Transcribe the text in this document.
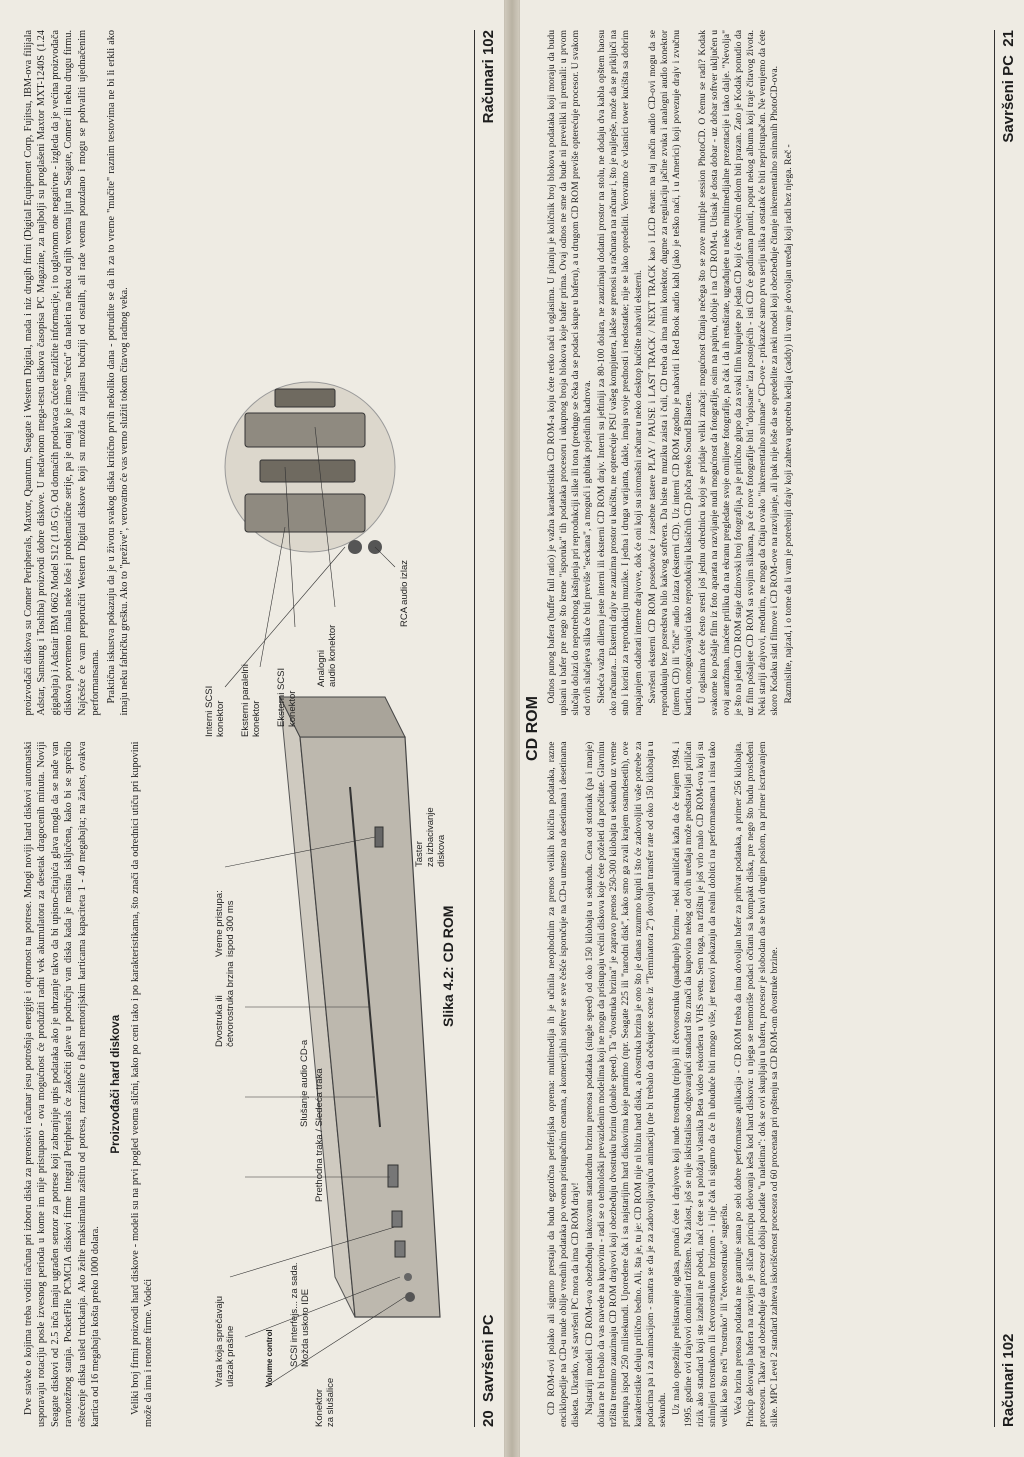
Dve stavke o kojima treba voditi računa pri izboru diska za prenosivi računar jesu potrošnja energije i otpornost na potrese. Mnogi noviji hard diskovi automatski usporavaju rotaciju posle izvesnog perioda u kome im nije pristupano - ova mogućnost će produžiti radni vek akumulatora za desetak dragocenih minuta. Noviji Seagate diskovi od 2.5 inča imaju ugrađen senzor za potrese koji zabranjuje upis podataka ako je ubrzanje takvo da bi upisno-čitajuća glava mogla da se nađe van ravnotežnog stanja. PocketFile PCMCIA diskovi firme Integral Peripherals će zakočiti glave u području van diska kada je mašina isključena, kako bi se sprečilo oštećenje diska usled truckanja. Ako želite maksimalnu zaštitu od potresa, razmislite o flash memorijskim karticama kapaciteta 1 - 40 megabajta; na žalost, ovakva kartica od 16 megabajta košta preko 1000 dolara.

Proizvođači hard diskova Veliki broj firmi proizvodi hard diskove - modeli su na prvi pogled veoma slični, kako po ceni tako i po karakteristikama, što znači da odrednici utiču pri kupovini može da ima i renome firme. Vodeći

proizvođači diskova su Conner Peripherals, Maxtor, Quantum, Seagate i Western Digital, mada i niz drugih firmi (Digital Equipment Corp, Fujitsu, IBM-ova filijala Adstar, Samsung i Toshiba) proizvodi dobre diskove. U nedavnom mega-testu diskova časopisa PC Magazine, za najbolji su proglašeni Maxtor MXT-1240S (1.24 gigabajta) i Adstair IBM 0662 Model S12 (1.05 G). Od domaćih prodavaca čućete različite informacije, i to uglavnom one negativne - izgleda da je većina proizvođača diskova povremeno imala neke loše i problematične serije, pa je onaj ko je imao "sreću" da naleti na neku od njih veoma ljut na Seagate, Conner ili neku drugu firmu. Najčešće će vam preporučiti Western Digital diskove koji su možda za nijansu bučniji od ostalih, ali rade veoma pouzdano i mogu se pohvaliti ujednačenim performansama. Praktična iskustva pokazuju da je u životu svakog diska kritično prvih nekoliko dana - potrudite se da ih za to vreme "mučite" raznim testovima ne bi li erkli ako imaju neku fabričku grešku. Ako to "prežive", verovatno će vas verno služiti tokom čitavog radnog veka.

Konektor
za slušalice
Volume control
Vrata koja sprečavaju
ulazak prašine	SCSI interfejs... za sada.
Možda uskoro IDE
Prethodna traka / Sledeća traka
Slušanje audio CD-a
Dvostruka ili
četvorostruka brzina
Vreme pristupa:
ispod 300 ms
Taster
za izbacivanje
diskova
Interni SCSI
konektor Eksterni paralelni
konektor Eksterni SCSI
konektor
Analogni
audio konektor
RCA audio izlaz
Slika 4.2: CD ROM
20  Savršeni PC
Računari 102
CD ROM

CD ROM-ovi polako ali sigurno prestaju da budu egzotična periferijska oprema: multimedija ih je učinila neophodnim za prenos velikih količina podataka, razne enciklopedije na CD-u nude obilje vrednih podataka po veoma pristupačnim cenama, a komercijalni softver se sve češće isporučuje na CD-u umesto na desetinama i desetinama disketa. Ukratko, vaš savršeni PC mora da ima CD ROM drajv! Najstariji modeli CD ROM-ova obezbeđuju takozvanu standardnu brzinu prenosa podataka (single speed) od oko 150 kilobajta u sekundu. Cena od stotinak (pa i manje) dolara ne bi trebalo da vas navede na kupovinu - radi se o tehnološki prevaziđenim modelima koji ne mogu da pristupaju većini diskova koje ćete poželeti da pročitate. Glavninu tržišta trenutno zauzimaju CD ROM drajvovi koji obezbeđuju dvostruku brzinu (double speed). Ta "dvostruka brzina" je zapravo prenos 250-300 kilobajta u sekundu uz vreme pristupa ispod 250 milisekundi. Uporedene čak i sa najstarijim hard diskovima koje pamtimo (npr. Seagate 225 ili "narodni disk", kako smo ga zvali krajem osamdesetih), ove karakteristike deluju prilično bedno. Ali, šta je, tu je: CD ROM nije ni blizu hard diska, a dvostruka brzina je ono što je danas razumno kupiti i što će zadovoljiti vaše potrebe za podacima pa i za animacijom - smatra se da je za zadovoljavajuću animaciju (ne bi trebalo da očekujete scene iz "Terminatora 2") dovoljan transfer rate od oko 150 kilobajta u sekundu. Uz malo opsežnije prelistavanje oglasa, pronaći ćete i drajvove koji nude trostruku (triple) ili četvorostruku (quadruple) brzinu - neki analitičari kažu da će krajem 1994. i 1995. godine ovi drajvovi dominirati tržištem. Na žalost, još se nije iskristalisao odgovarajući standard što znači da kupovina nekog od ovih uređaja može predstavljati priličan rizik ako standard koji ste izabrali ne pobedi, naći ćete se u položaju vlasnika Beta video rekordera u VHS svetu. Sem toga, na tržištu je još vrlo malo CD ROM-ova koji su snimljeni trostrukom ili četvorostrukom brzinom - i nije čak ni sigurno da će ih ubuduće biti mnogo više, jer testovi pokazuju da realni dobitci na performansama i nisu tako veliki kao što reči "trostruko" ili "četvorostruko" sugerišu. Veća brzina prenosa podataka ne garantuje sama po sebi dobre performanse aplikacija - CD ROM treba da ima dovoljan bafer za prihvat podataka, a primer 256 kilobajta. Princip delovanja bafera na razvijen je sličan principu delovanja keša kod hard diskova: u njega se memoriše podaci očitani sa kompakt diska, pre nego što budu prosleđeni procesoru. Takav rad obezbeđuje da procesor dobija podatke "u naletima": dok se ovi skupljaju u baferu, procesor je slobodan da se bavi drugim poslom, na primer iscrtavanjem slike. MPC Level 2 standard zahteva iskorišćenost procesora od 60 procenata pri opštenju sa CD ROM-om dvostruke brzine.

Odnos punog bafera (buffer full ratio) je važna karakteristika CD ROM-a koju ćete retko naći u oglasima. U pitanju je količnik broj blokova podataka koji moraju da budu upisani u bafer pre nego što krene "isporuka" tih podataka procesoru i ukupnog broja blokova koje bafer prima. Ovaj odnos ne sme da bude ni preveliki ni premali: u prvom slučaju dolazi do nepotrebnog kašnjenja pri reprodukciji slike ili tona (predugo se čeka da se podaci skupe u baferu), a u drugom CD ROM previše opterećuje procesor. U svakom od ovih slučajeva slika će biti previše "seckana", a mogući i gubitak pojedinih kadrova. Sledeća važna dilema jeste interni ili eksterni CD ROM drajv. Interni su jeftiniji za 80-100 dolara, ne zauzimaju dodatni prostor na stolu, ne dodaju dva kabla opštem haosu oko računara... Eksterni drajv ne zauzima prostor u kućištu, ne opterećuje PSU vašeg kompjutera, lakše se prenosi sa računara na računar i, što je najlepše, može da se priključi na stub i koristi za reprodukciju muzike. I jedna i druga varijanta, dakle, imaju svoje prednosti i nedostatke; nije se lako opredeliti. Verovatno će vlasnici tower kućišta sa dobrim napajanjem odabrati interne drajvove, dok će oni koji su siromašni računar u neko desktop kućište nabaviti eksterni. Savršeni eksterni CD ROM posedovaće i zasebne tastere PLAY / PAUSE i LAST TRACK / NEXT TRACK kao i LCD ekran: na taj način audio CD-ovi mogu da se reprodukuju bez posredstva bilo kakvog softvera. Da biste tu muziku zaista i čuli, CD treba da ima mini konektor, dugme za regulaciju jačine zvuka i analogni audio konektor (interni CD) ili "činč" audio izlaza (eksterni CD). Uz interni CD ROM zgodno je nabaviti i Red Book audio kabl (jako je teško naći, i u Americi) koji povezuje drajv i zvučnu karticu, omogućavajući tako reprodukciju klasičnih CD ploča preko Sound Blastera. U oglasima ćete često sresti još jednu odrednicu kojoj se pridaje veliki značaj: mogućnost čitanja nečega što se zove multiple session PhotoCD. O čemu se radi? Kodak svakome ko pošalje film iz foto aparata na razvijanje nudi mogućnost da fotografije, osim na papiru, dobije i na CD ROM-u. Utisak je dosta dobar - uz dobar softver uključen u ovaj aranžman, imaćete priliku da na ekranu pregledate svoje omiljene fotografije, pa čak i da ih retuširate, ugrađujete u neke multimedijalne prezentacije i tako dalje. "Nevolja" je što na jedan CD ROM staje dzinovski broj fotografija, pa je prilično glupo da za svaki film kupujete po jedan CD koji će najvećim delom biti prazan. Zato je Kodak ponudio da uz film pošaljete CD ROM sa svojim slikama, pa će nove fotografije biti "dopisane" iza postojećih - isti CD će godinama puniti, poput nekog albuma koji traje čitavog života. Neki stariji drajvovi, međutim, ne mogu da čitaju ovako "inkrementalno snimane" CD-ove - prikazaće samo prvu seriju slika a ostatak će biti nepristupačan. Ne verujemo da ćete skoro Kodaku slati filmove i CD ROM-ove na razvijanje, ali ipak nije loše da se opredelite za neki model koji obezbeđuje čitanje inkrementalno snimanih PhotoCD-ova. Razmislite, najzad, i o tome da li vam je potrebniji drajv koji zahteva upotrebu kedija (caddy) ili vam je dovoljan uređaj koji radi bez njega. Reč -

Računari 102
Savršeni PC  21
